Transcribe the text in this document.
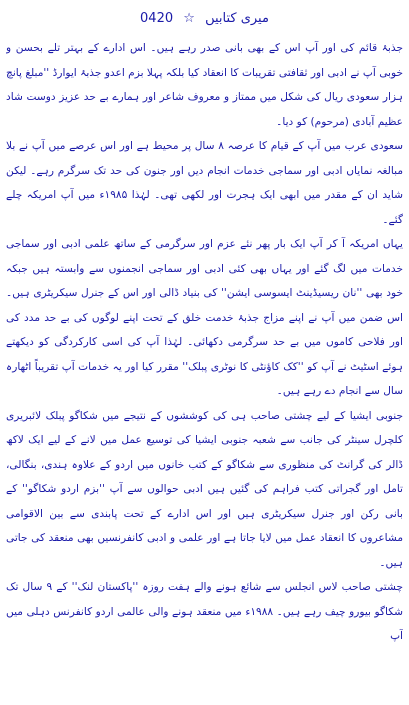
میری کتابیں ☆ 0420

جذبۂ قائم کی اور آپ اس کے بھی بانی صدر رہے ہیں۔ اس ادارے کے بہتر تلے بحسن و خوبی آپ نے ادبی اور ثقافتی تقریبات کا انعقاد کیا بلکہ پہلا بزم اعدو جذبۂ ایوارڈ ''مبلغ پانچ ہزار سعودی ریال کی شکل میں ممتاز و معروف شاعر اور ہمارے بے حد عزیز دوست شاد عظیم آبادی (مرحوم) کو دیا۔

سعودی عرب میں آپ کے قیام کا عرصہ ۸ سال پر محیط ہے اور اس عرصے میں آپ نے بلا مبالغہ نمایاں ادبی اور سماجی خدمات انجام دیں اور جنون کی حد تک سرگرم رہے۔ لیکن شاید ان کے مقدر میں ابھی ایک ہجرت اور لکھی تھی۔ لہٰذا ۱۹۸۵ء میں آپ امریکہ چلے گئے۔

یہاں امریکہ آ کر آپ ایک بار پھر نئے عزم اور سرگرمی کے ساتھ علمی ادبی اور سماجی خدمات میں لگ گئے اور یہاں بھی کئی ادبی اور سماجی انجمنوں سے وابستہ ہیں جبکہ خود بھی ''نان ریسیڈینٹ ایسوسی ایشن'' کی بنیاد ڈالی اور اس کے جنرل سیکریٹری ہیں۔ اس ضمن میں آپ نے اپنے مزاج جذبۂ خدمت خلق کے تحت اپنے لوگوں کی بے حد مدد کی اور فلاحی کاموں میں بے حد سرگرمی دکھائی۔ لہٰذا آپ کی اسی کارکردگی کو دیکھتے ہوئے اسٹیٹ نے آپ کو ''کک کاؤنٹی کا نوٹری پبلک'' مقرر کیا اور یہ خدمات آپ تقریباً اٹھارہ سال سے انجام دے رہے ہیں۔

جنوبی ایشیا کے لیے چشتی صاحب ہی کی کوششوں کے نتیجے میں شکاگو پبلک لائبریری کلچرل سینٹر کی جانب سے شعبہ جنوبی ایشیا کی توسیع عمل میں لانے کے لیے ایک لاکھ ڈالر کی گرانٹ کی منظوری سے شکاگو کے کتب خانوں میں اردو کے علاوہ ہندی، بنگالی، تامل اور گجراتی کتب فراہم کی گئیں ہیں ادبی حوالوں سے آپ ''بزم اردو شکاگو'' کے بانی رکن اور جنرل سیکریٹری ہیں اور اس ادارے کے تحت پابندی سے بین الاقوامی مشاعروں کا انعقاد عمل میں لایا جاتا ہے اور علمی و ادبی کانفرنسیں بھی منعقد کی جاتی ہیں۔

چشتی صاحب لاس انجلس سے شائع ہونے والے ہفت روزہ ''پاکستان لنک'' کے ۹ سال تک شکاگو بیورو چیف رہے ہیں۔ ۱۹۸۸ء میں منعقد ہونے والی عالمی اردو کانفرنس دہلی میں آپ
